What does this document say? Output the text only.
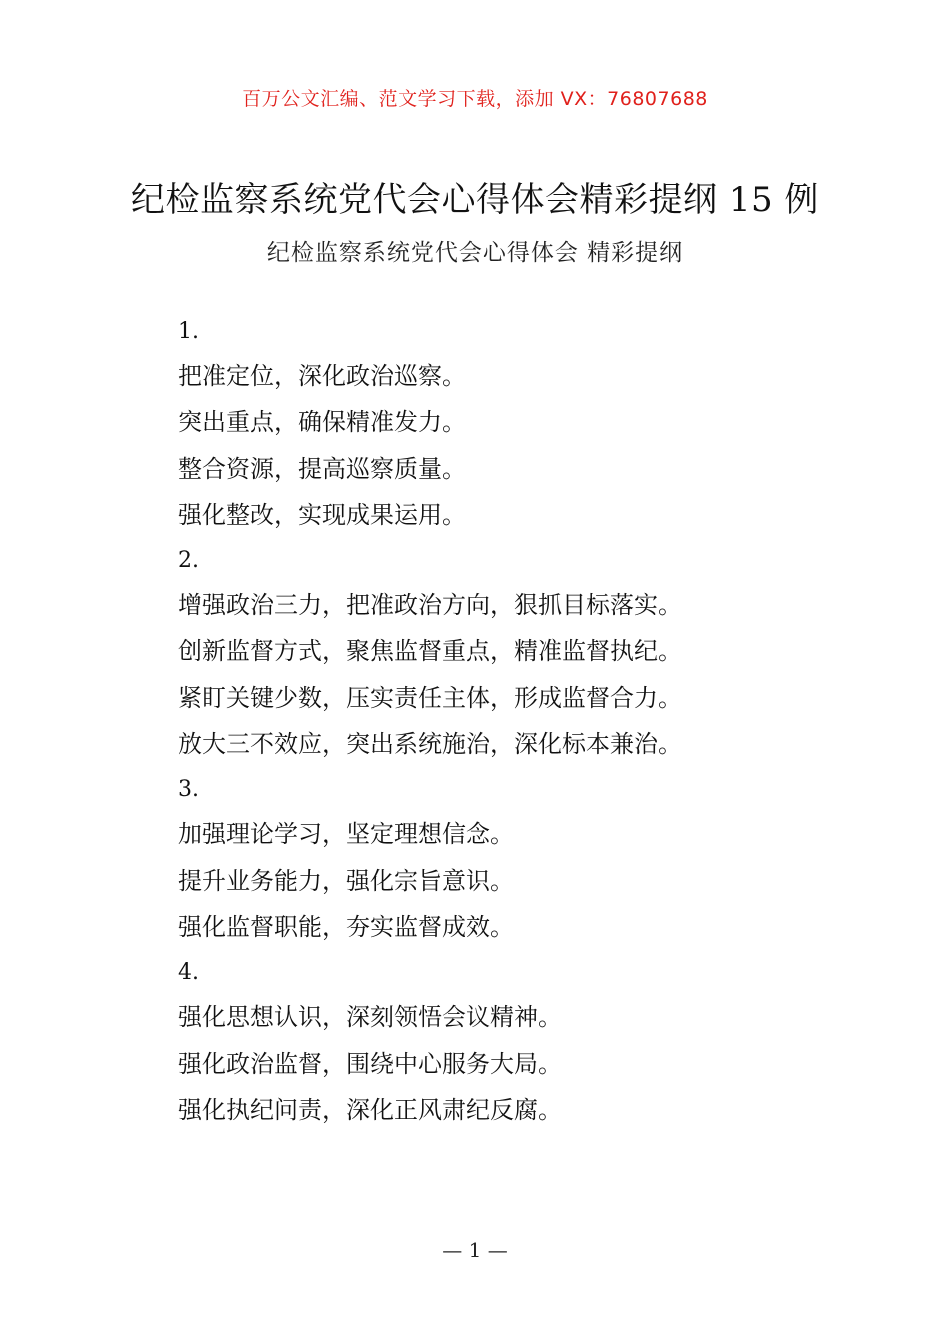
百万公文汇编、范文学习下载，添加 VX：76807688
纪检监察系统党代会心得体会精彩提纲 15 例
纪检监察系统党代会心得体会 精彩提纲
1.
把准定位，深化政治巡察。
突出重点，确保精准发力。
整合资源，提高巡察质量。
强化整改，实现成果运用。
2.
增强政治三力，把准政治方向，狠抓目标落实。
创新监督方式，聚焦监督重点，精准监督执纪。
紧盯关键少数，压实责任主体，形成监督合力。
放大三不效应，突出系统施治，深化标本兼治。
3.
加强理论学习，坚定理想信念。
提升业务能力，强化宗旨意识。
强化监督职能，夯实监督成效。
4.
强化思想认识，深刻领悟会议精神。
强化政治监督，围绕中心服务大局。
强化执纪问责，深化正风肃纪反腐。
— 1 —
